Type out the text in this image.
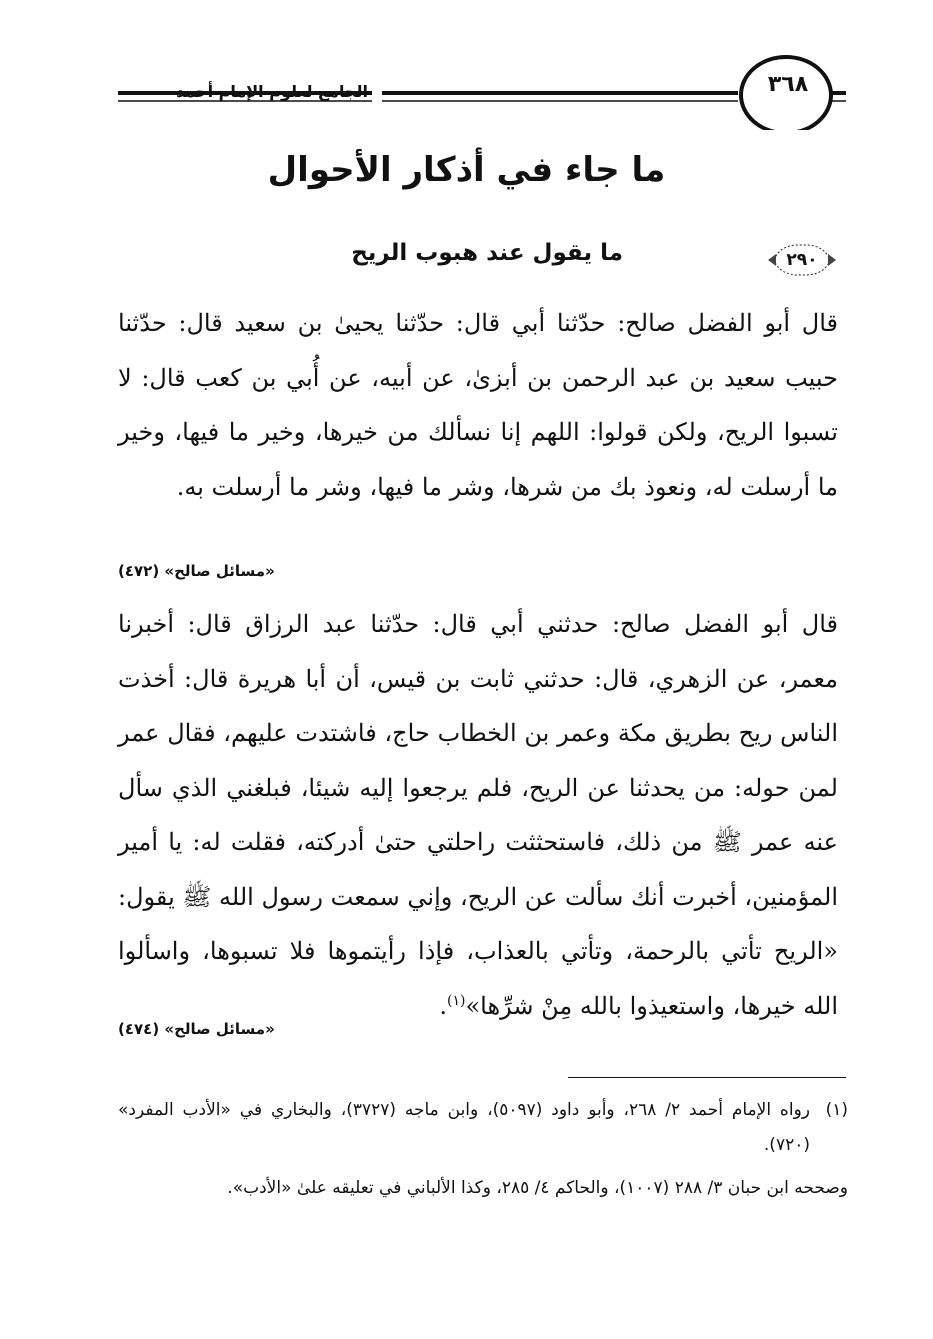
الجامع لعلوم الإمام أحمد	٣٦٨
ما جاء في أذكار الأحوال
٢٩٠
ما يقول عند هبوب الريح

قال أبو الفضل صالح: حدّثنا أبي قال: حدّثنا يحيىٰ بن سعيد قال: حدّثنا حبيب سعيد بن عبد الرحمن بن أبزىٰ، عن أبيه، عن أُبي بن كعب قال: لا تسبوا الريح، ولكن قولوا: اللهم إنا نسألك من خيرها، وخير ما فيها، وخير ما أرسلت له، ونعوذ بك من شرها، وشر ما فيها، وشر ما أرسلت به.

«مسائل صالح» (٤٧٢)

قال أبو الفضل صالح: حدثني أبي قال: حدّثنا عبد الرزاق قال: أخبرنا معمر، عن الزهري، قال: حدثني ثابت بن قيس، أن أبا هريرة قال: أخذت الناس ريح بطريق مكة وعمر بن الخطاب حاج، فاشتدت عليهم، فقال عمر لمن حوله: من يحدثنا عن الريح، فلم يرجعوا إليه شيئا، فبلغني الذي سأل عنه عمر ﷺ من ذلك، فاستحثثت راحلتي حتىٰ أدركته، فقلت له: يا أمير المؤمنين، أخبرت أنك سألت عن الريح، وإني سمعت رسول الله ﷺ يقول: «الريح تأتي بالرحمة، وتأتي بالعذاب، فإذا رأيتموها فلا تسبوها، واسألوا الله خيرها، واستعيذوا بالله مِنْ شرِّها»$^{(١)}$.

«مسائل صالح» (٤٧٤)
(١)
رواه الإمام أحمد ٢/ ٢٦٨، وأبو داود (٥٠٩٧)، وابن ماجه (٣٧٢٧)، والبخاري في «الأدب المفرد» (٧٢٠).
وصححه ابن حبان ٣/ ٢٨٨ (١٠٠٧)، والحاكم ٤/ ٢٨٥، وكذا الألباني في تعليقه علىٰ «الأدب».
